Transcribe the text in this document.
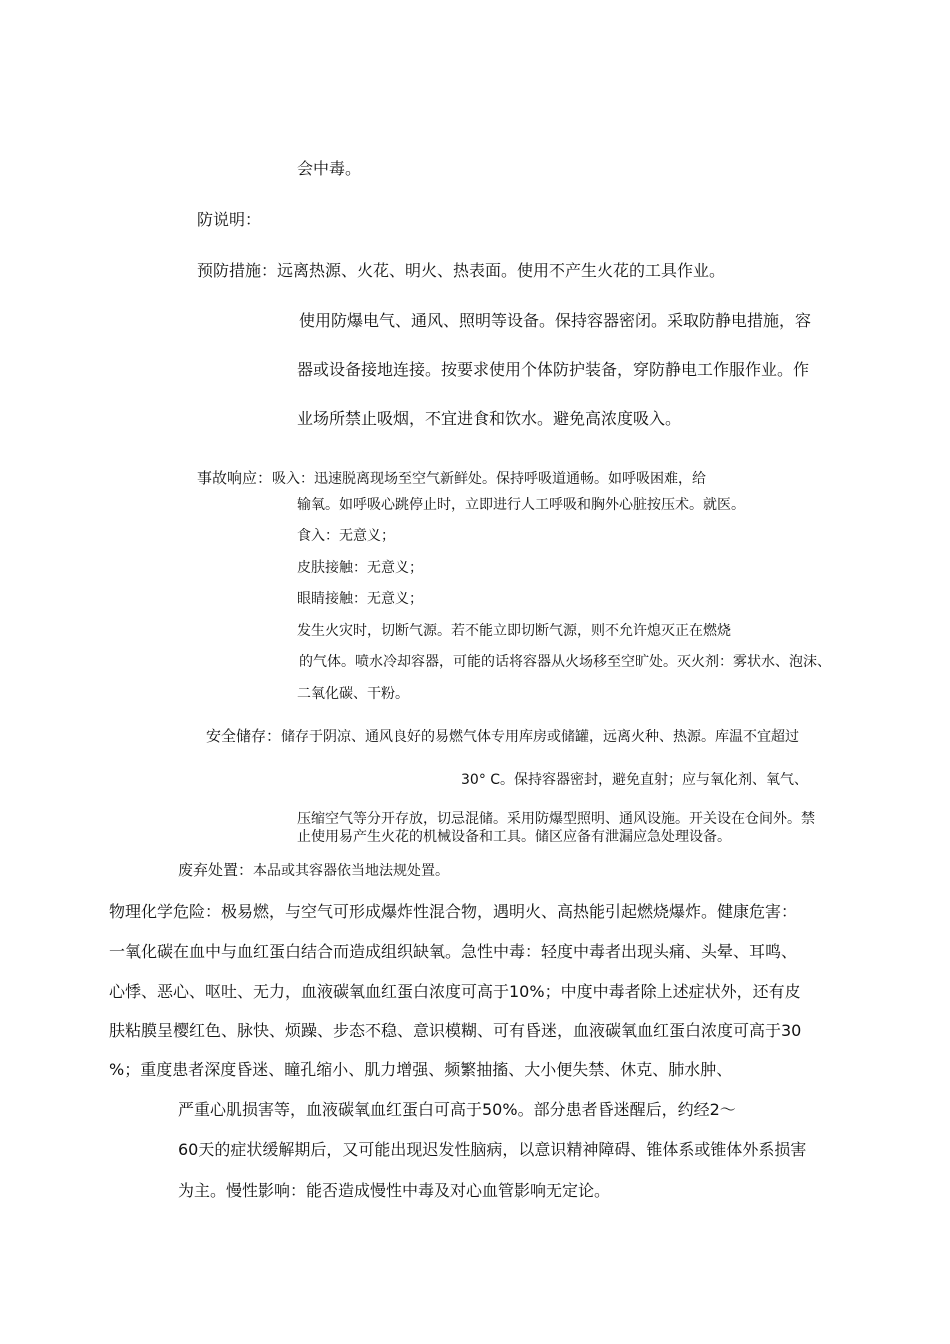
会中毒。
防说明：
预防措施：远离热源、火花、明火、热表面。使用不产生火花的工具作业。
使用防爆电气、通风、照明等设备。保持容器密闭。采取防静电措施，容
器或设备接地连接。按要求使用个体防护装备，穿防静电工作服作业。作
业场所禁止吸烟，不宜进食和饮水。避免高浓度吸入。
事故响应：吸入：迅速脱离现场至空气新鲜处。保持呼吸道通畅。如呼吸困难，给
输氧。如呼吸心跳停止时，立即进行人工呼吸和胸外心脏按压术。就医。
食入：无意义；
皮肤接触：无意义；
眼睛接触：无意义；
发生火灾时，切断气源。若不能立即切断气源，则不允许熄灭正在燃烧
的气体。喷水冷却容器，可能的话将容器从火场移至空旷处。灭火剂：雾状水、泡沫、
二氧化碳、干粉。
安全储存：储存于阴凉、通风良好的易燃气体专用库房或储罐，远离火种、热源。库温不宜超过
30° C。保持容器密封，避免直射；应与氧化剂、氧气、
压缩空气等分开存放，切忌混储。采用防爆型照明、通风设施。开关设在仓间外。禁
止使用易产生火花的机械设备和工具。储区应备有泄漏应急处理设备。
废弃处置：本品或其容器依当地法规处置。
物理化学危险：极易燃，与空气可形成爆炸性混合物，遇明火、高热能引起燃烧爆炸。健康危害：
一氧化碳在血中与血红蛋白结合而造成组织缺氧。急性中毒：轻度中毒者出现头痛、头晕、耳鸣、
心悸、恶心、呕吐、无力，血液碳氧血红蛋白浓度可高于10%；中度中毒者除上述症状外，还有皮
肤粘膜呈樱红色、脉快、烦躁、步态不稳、意识模糊、可有昏迷，血液碳氧血红蛋白浓度可高于30
%；重度患者深度昏迷、瞳孔缩小、肌力增强、频繁抽搐、大小便失禁、休克、肺水肿、
严重心肌损害等，血液碳氧血红蛋白可高于50%。部分患者昏迷醒后，约经2～
60天的症状缓解期后，又可能出现迟发性脑病，以意识精神障碍、锥体系或锥体外系损害
为主。慢性影响：能否造成慢性中毒及对心血管影响无定论。
